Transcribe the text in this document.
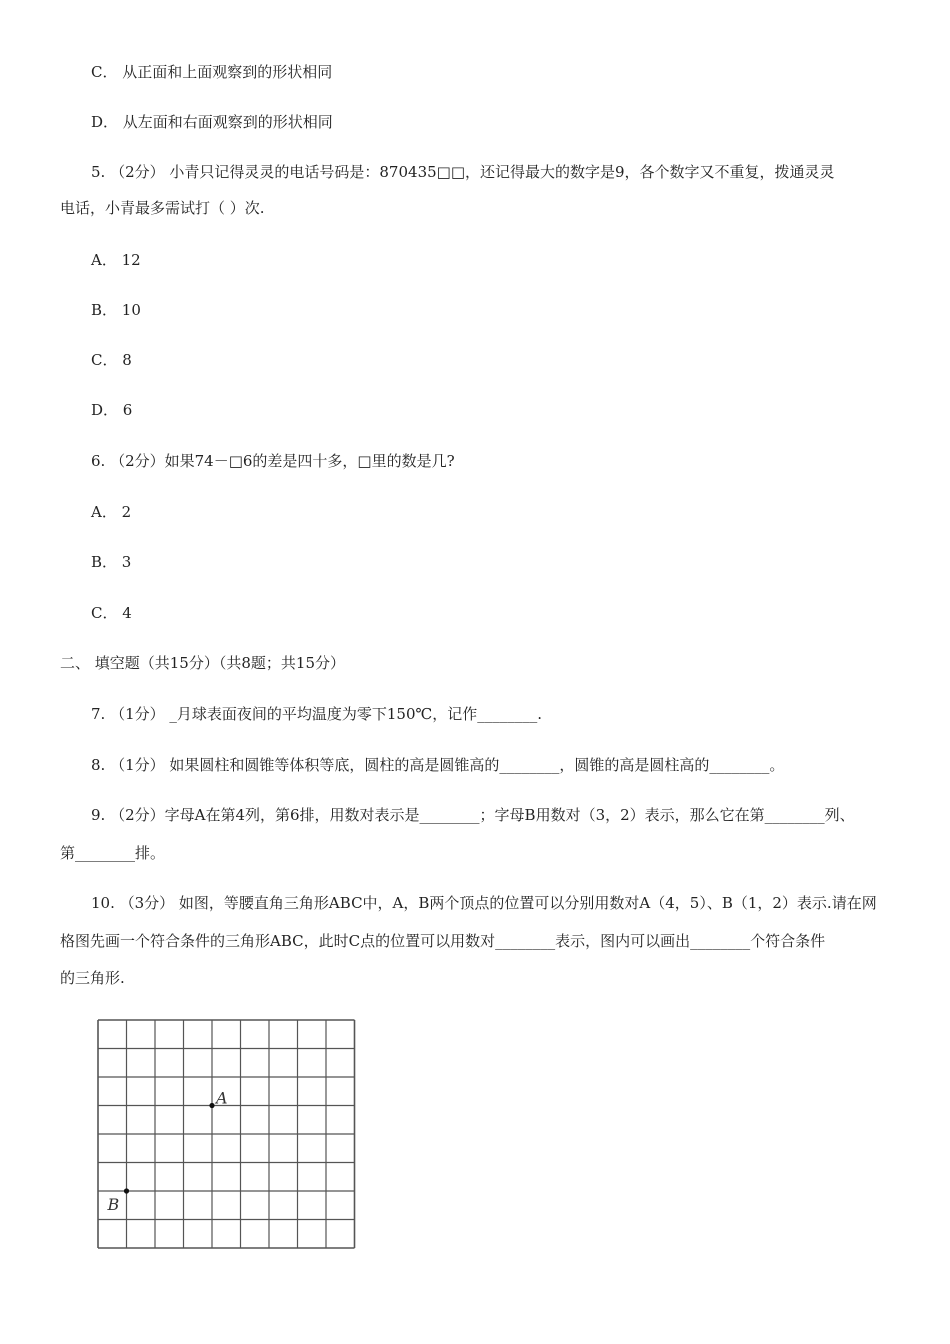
C． 从正面和上面观察到的形状相同

D． 从左面和右面观察到的形状相同

5. （2分） 小青只记得灵灵的电话号码是：870435□□，还记得最大的数字是9，各个数字又不重复，拨通灵灵

电话，小青最多需试打（ ）次.

A． 12

B． 10

C． 8

D． 6

6. （2分）如果74－□6的差是四十多，□里的数是几?

A． 2

B． 3

C． 4

二、 填空题（共15分）（共8题；共15分）

7. （1分） _月球表面夜间的平均温度为零下150℃，记作________.

8. （1分） 如果圆柱和圆锥等体积等底，圆柱的高是圆锥高的________，圆锥的高是圆柱高的________。

9. （2分）字母A在第4列，第6排，用数对表示是________；字母B用数对（3，2）表示，那么它在第________列、

第________排。

10. （3分） 如图，等腰直角三角形ABC中，A，B两个顶点的位置可以分别用数对A（4，5）、B（1，2）表示.请在网

格图先画一个符合条件的三角形ABC，此时C点的位置可以用数对________表示，图内可以画出________个符合条件

的三角形.

A
B
